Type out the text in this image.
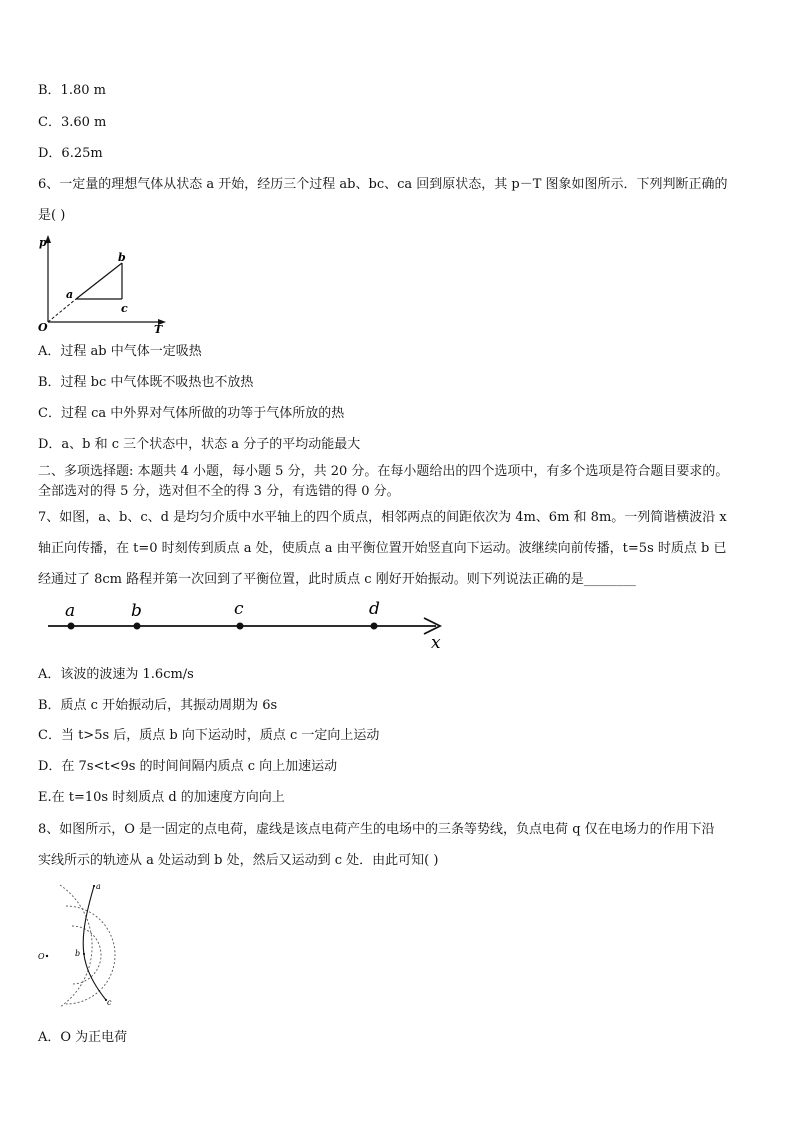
B．1.80 m
C．3.60 m
D．6.25m
6、一定量的理想气体从状态 a 开始，经历三个过程 ab、bc、ca 回到原状态，其 p－T 图象如图所示．下列判断正确的
是( )
p
O	T
a
b
c
A．过程 ab 中气体一定吸热
B．过程 bc 中气体既不吸热也不放热
C．过程 ca 中外界对气体所做的功等于气体所放的热
D．a、b 和 c 三个状态中，状态 a 分子的平均动能最大
二、多项选择题: 本题共 4 小题，每小题 5 分，共 20 分。在每小题给出的四个选项中，有多个选项是符合题目要求的。
全部选对的得 5 分，选对但不全的得 3 分，有选错的得 0 分。
7、如图，a、b、c、d 是均匀介质中水平轴上的四个质点，相邻两点的间距依次为 4m、6m 和 8m。一列简谐横波沿 x
轴正向传播，在 t=0 时刻传到质点 a 处，使质点 a 由平衡位置开始竖直向下运动。波继续向前传播，t=5s 时质点 b 已
经通过了 8cm 路程并第一次回到了平衡位置，此时质点 c 刚好开始振动。则下列说法正确的是________
a	b	c	d
x
A．该波的波速为 1.6cm/s
B．质点 c 开始振动后，其振动周期为 6s
C．当 t>5s 后，质点 b 向下运动时，质点 c 一定向上运动
D．在 7s<t<9s 的时间间隔内质点 c 向上加速运动
E.在 t=10s 时刻质点 d 的加速度方向向上
8、如图所示，O 是一固定的点电荷，虚线是该点电荷产生的电场中的三条等势线，负点电荷 q 仅在电场力的作用下沿
实线所示的轨迹从 a 处运动到 b 处，然后又运动到 c 处．由此可知( )
O
a
b
c
A．O 为正电荷
